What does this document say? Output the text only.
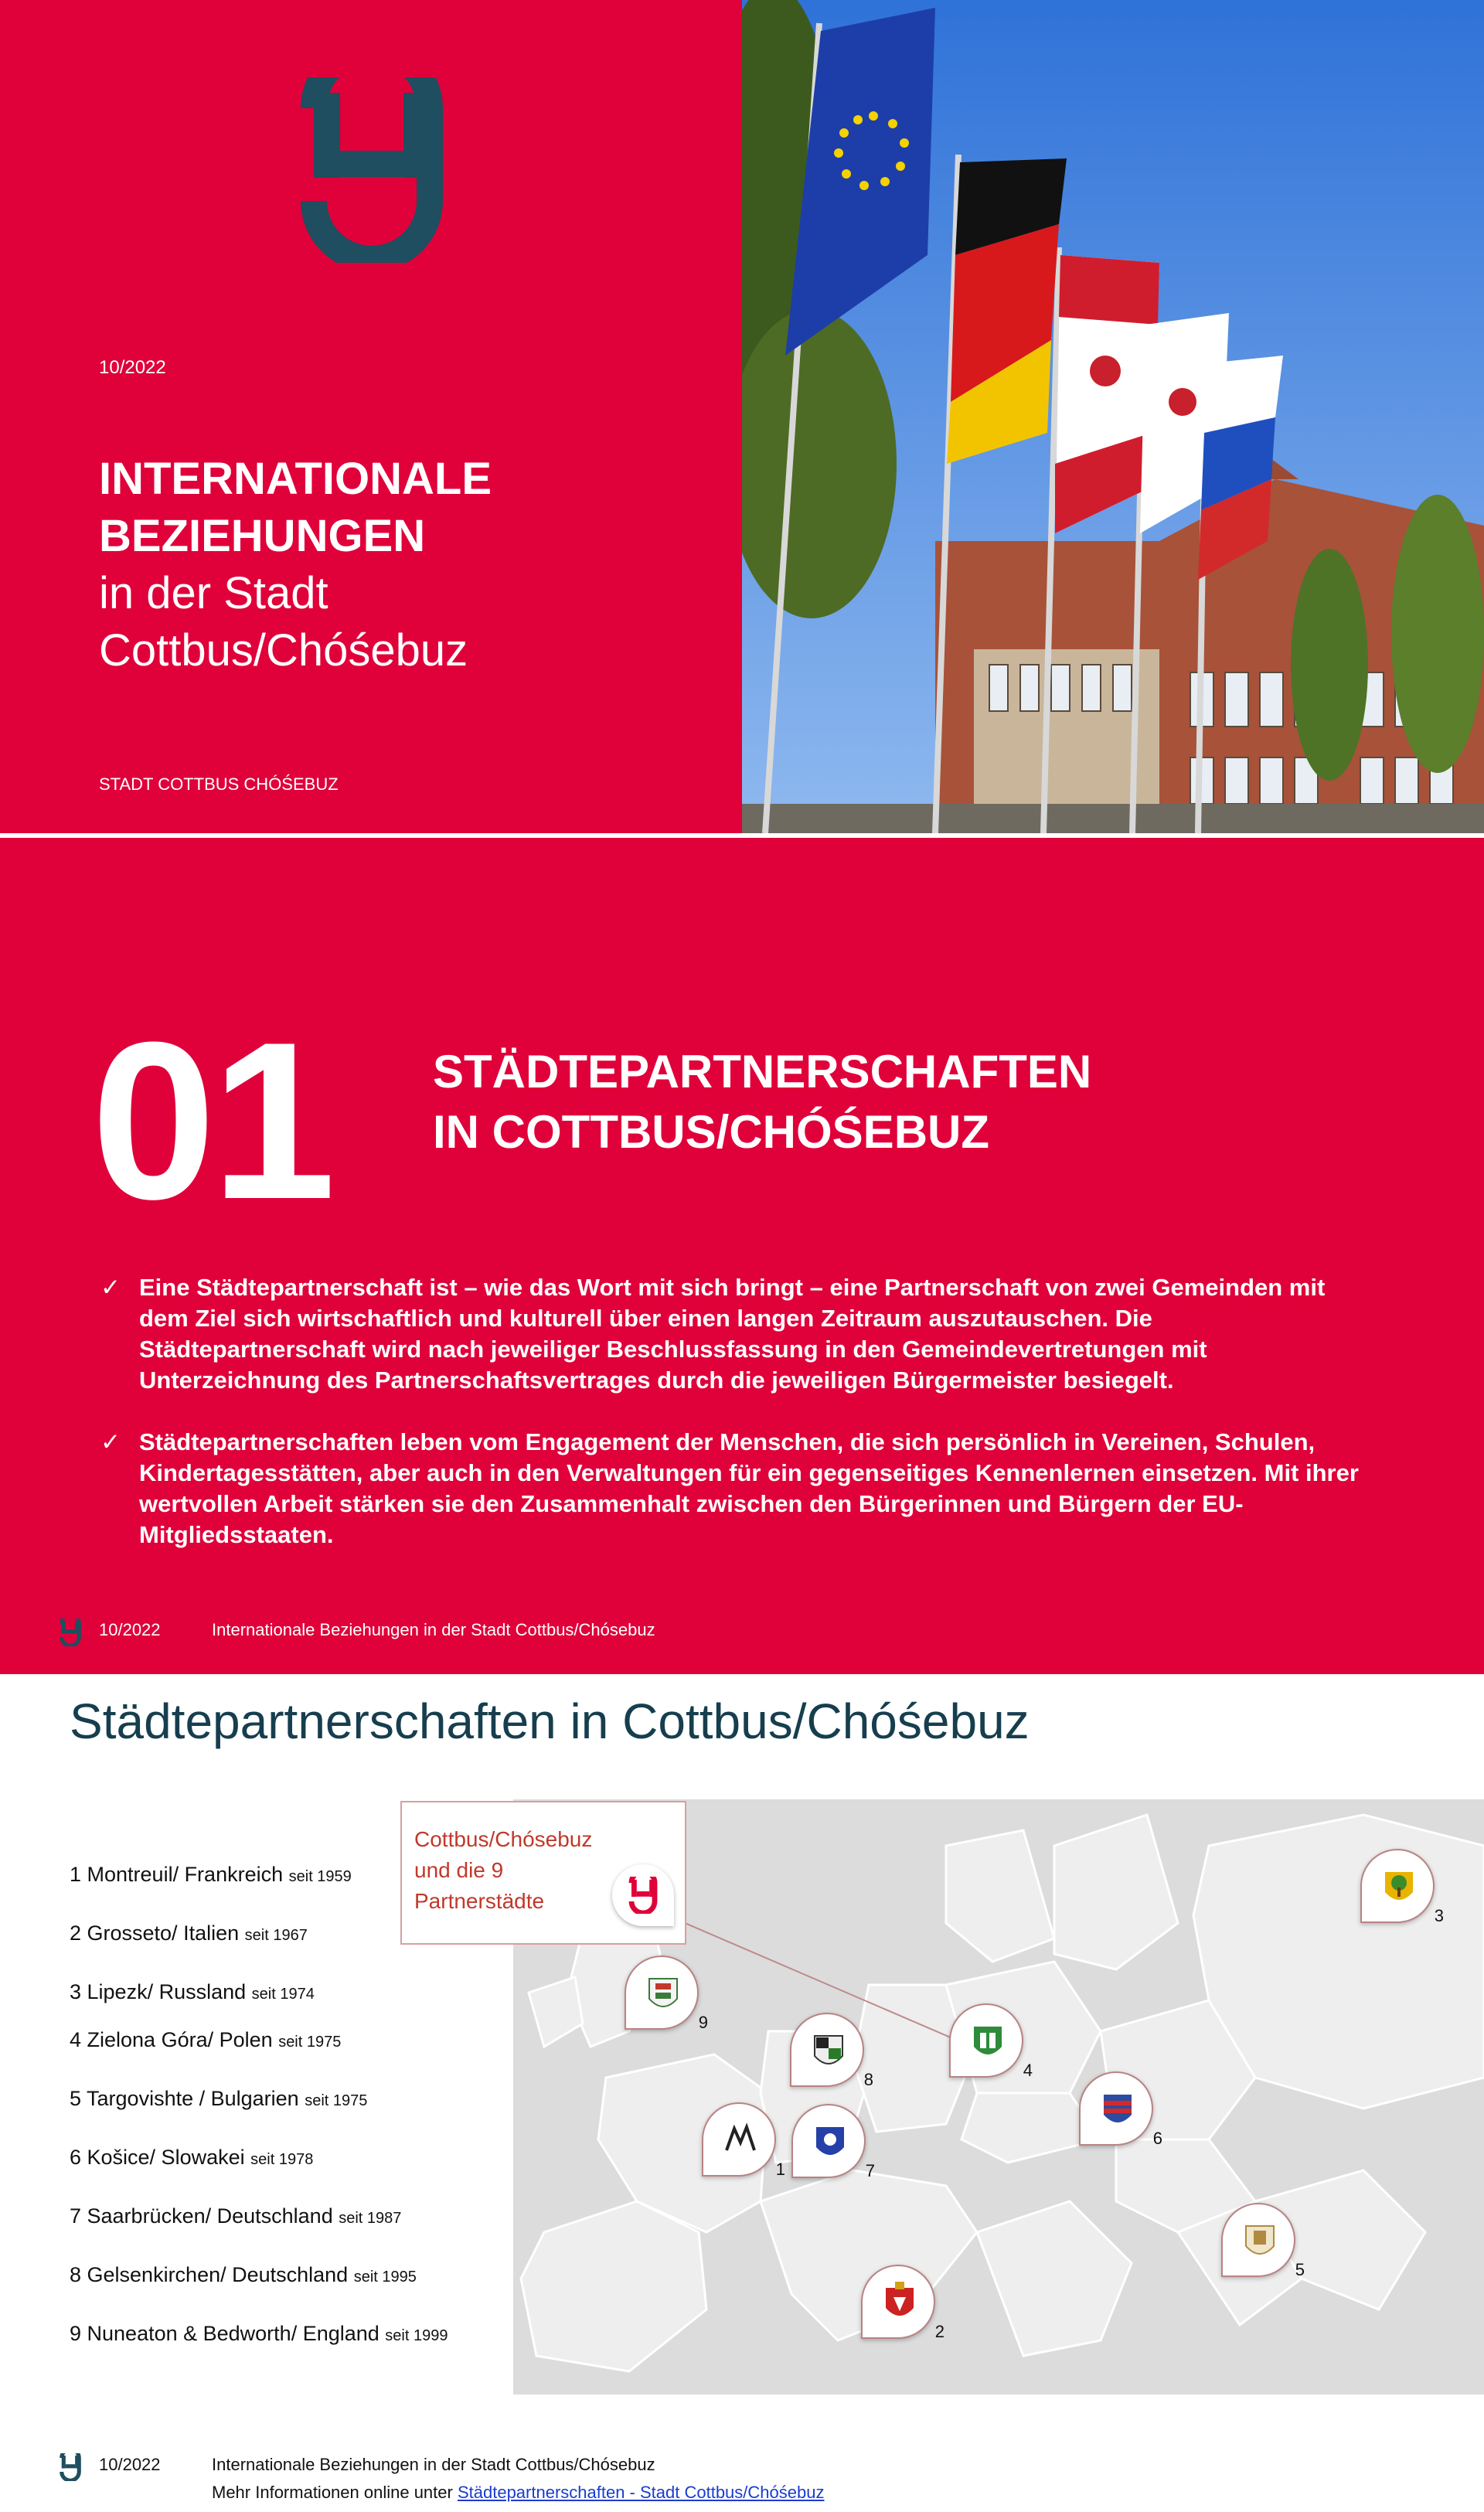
10/2022
INTERNATIONALE
BEZIEHUNGEN
in der Stadt
Cottbus/Chóśebuz
STADT COTTBUS CHÓŚEBUZ
01 STÄDTEPARTNERSCHAFTEN
IN COTTBUS/CHÓŚEBUZ
✓ Eine Städtepartnerschaft ist – wie das Wort mit sich bringt – eine Partnerschaft von zwei Gemeinden mit dem Ziel sich wirtschaftlich und kulturell über einen langen Zeitraum auszutauschen. Die Städtepartnerschaft wird nach jeweiliger Beschlussfassung in den Gemeindevertretungen mit Unterzeichnung des Partnerschaftsvertrages durch die jeweiligen Bürgermeister besiegelt.
✓ Städtepartnerschaften leben vom Engagement der Menschen, die sich persönlich in Vereinen, Schulen, Kindertagesstätten, aber auch in den Verwaltungen für ein gegenseitiges Kennenlernen einsetzen. Mit ihrer wertvollen Arbeit stärken sie den Zusammenhalt zwischen den Bürgerinnen und Bürgern der EU-Mitgliedsstaaten.
10/2022	Internationale Beziehungen in der Stadt Cottbus/Chósebuz
Städtepartnerschaften in Cottbus/Chóśebuz
Cottbus/Chósebuz
und die 9
Partnerstädte
1 Montreuil/ Frankreich seit 1959
2 Grosseto/ Italien seit 1967
3 Lipezk/ Russland seit 1974
4 Zielona Góra/ Polen seit 1975
5 Targovishte / Bulgarien seit 1975
6 Košice/ Slowakei seit 1978
7 Saarbrücken/ Deutschland seit 1987
8 Gelsenkirchen/ Deutschland seit 1995
9 Nuneaton & Bedworth/ England seit 1999
1
2
3
4
5
6
7
8
9
10/2022	Internationale Beziehungen in der Stadt Cottbus/Chósebuz
Mehr Informationen online unter Städtepartnerschaften - Stadt Cottbus/Chóśebuz
